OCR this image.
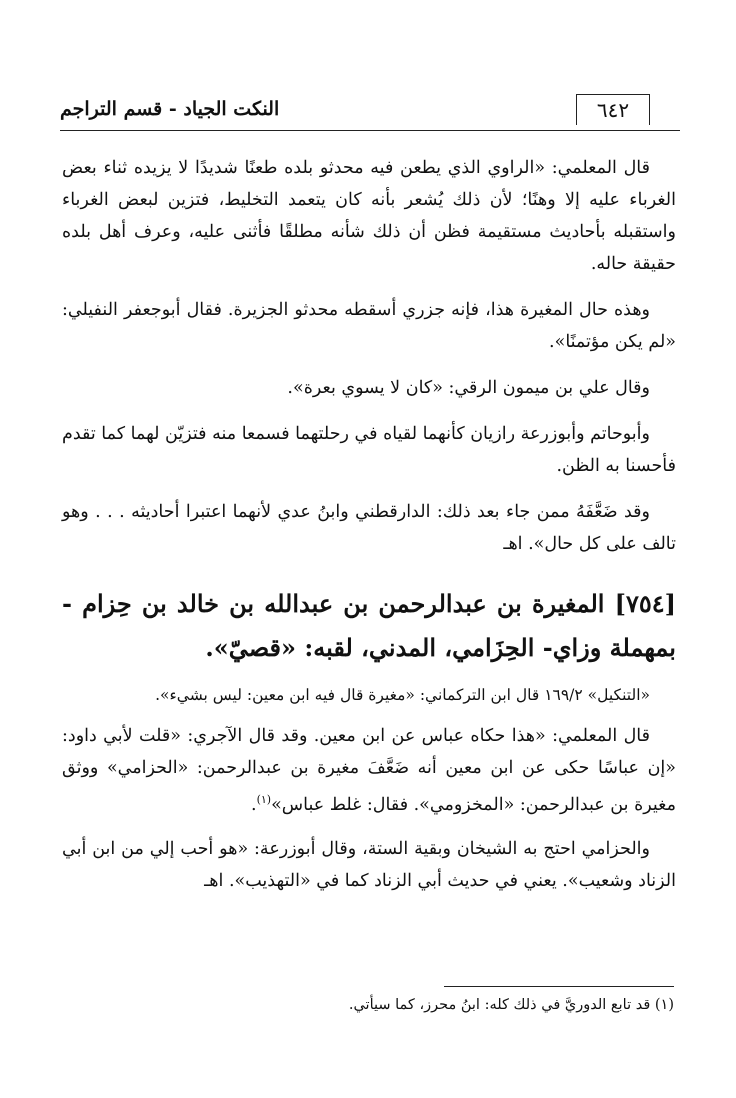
٦٤٢
النكت الجياد - قسم التراجم

قال المعلمي: «الراوي الذي يطعن فيه محدثو بلده طعنًا شديدًا لا يزيده ثناء بعض الغرباء عليه إلا وهنًا؛ لأن ذلك يُشعر بأنه كان يتعمد التخليط، فتزين لبعض الغرباء واستقبله بأحاديث مستقيمة فظن أن ذلك شأنه مطلقًا فأثنى عليه، وعرف أهل بلده حقيقة حاله.

وهذه حال المغيرة هذا، فإنه جزري أسقطه محدثو الجزيرة. فقال أبوجعفر النفيلي: «لم يكن مؤتمنًا».

وقال علي بن ميمون الرقي: «كان لا يسوي بعرة».

وأبوحاتم وأبوزرعة رازيان كأنهما لقياه في رحلتهما فسمعا منه فتزيّن لهما كما تقدم فأحسنا به الظن.

وقد ضَعَّفَهُ ممن جاء بعد ذلك: الدارقطني وابنُ عدي لأنهما اعتبرا أحاديثه . . . وهو تالف على كل حال». اهـ

[٧٥٤] المغيرة بن عبدالرحمن بن عبدالله بن خالد بن حِزام - بمهملة وزاي- الحِزَامي، المدني، لقبه: «قصيّ».

«التنكيل» ١٦٩/٢ قال ابن التركماني: «مغيرة قال فيه ابن معين: ليس بشيء».

قال المعلمي: «هذا حكاه عباس عن ابن معين. وقد قال الآجري: «قلت لأبي داود: «إن عباسًا حكى عن ابن معين أنه ضَعَّفَ مغيرة بن عبدالرحمن: «الحزامي» ووثق مغيرة بن عبدالرحمن: «المخزومي». فقال: غلط عباس»$^{(١)}$.

والحزامي احتج به الشيخان وبقية الستة، وقال أبوزرعة: «هو أحب إلي من ابن أبي الزناد وشعيب». يعني في حديث أبي الزناد كما في «التهذيب». اهـ

(١) قد تابع الدوريَّ في ذلك كله: ابنُ محرز، كما سيأتي.
